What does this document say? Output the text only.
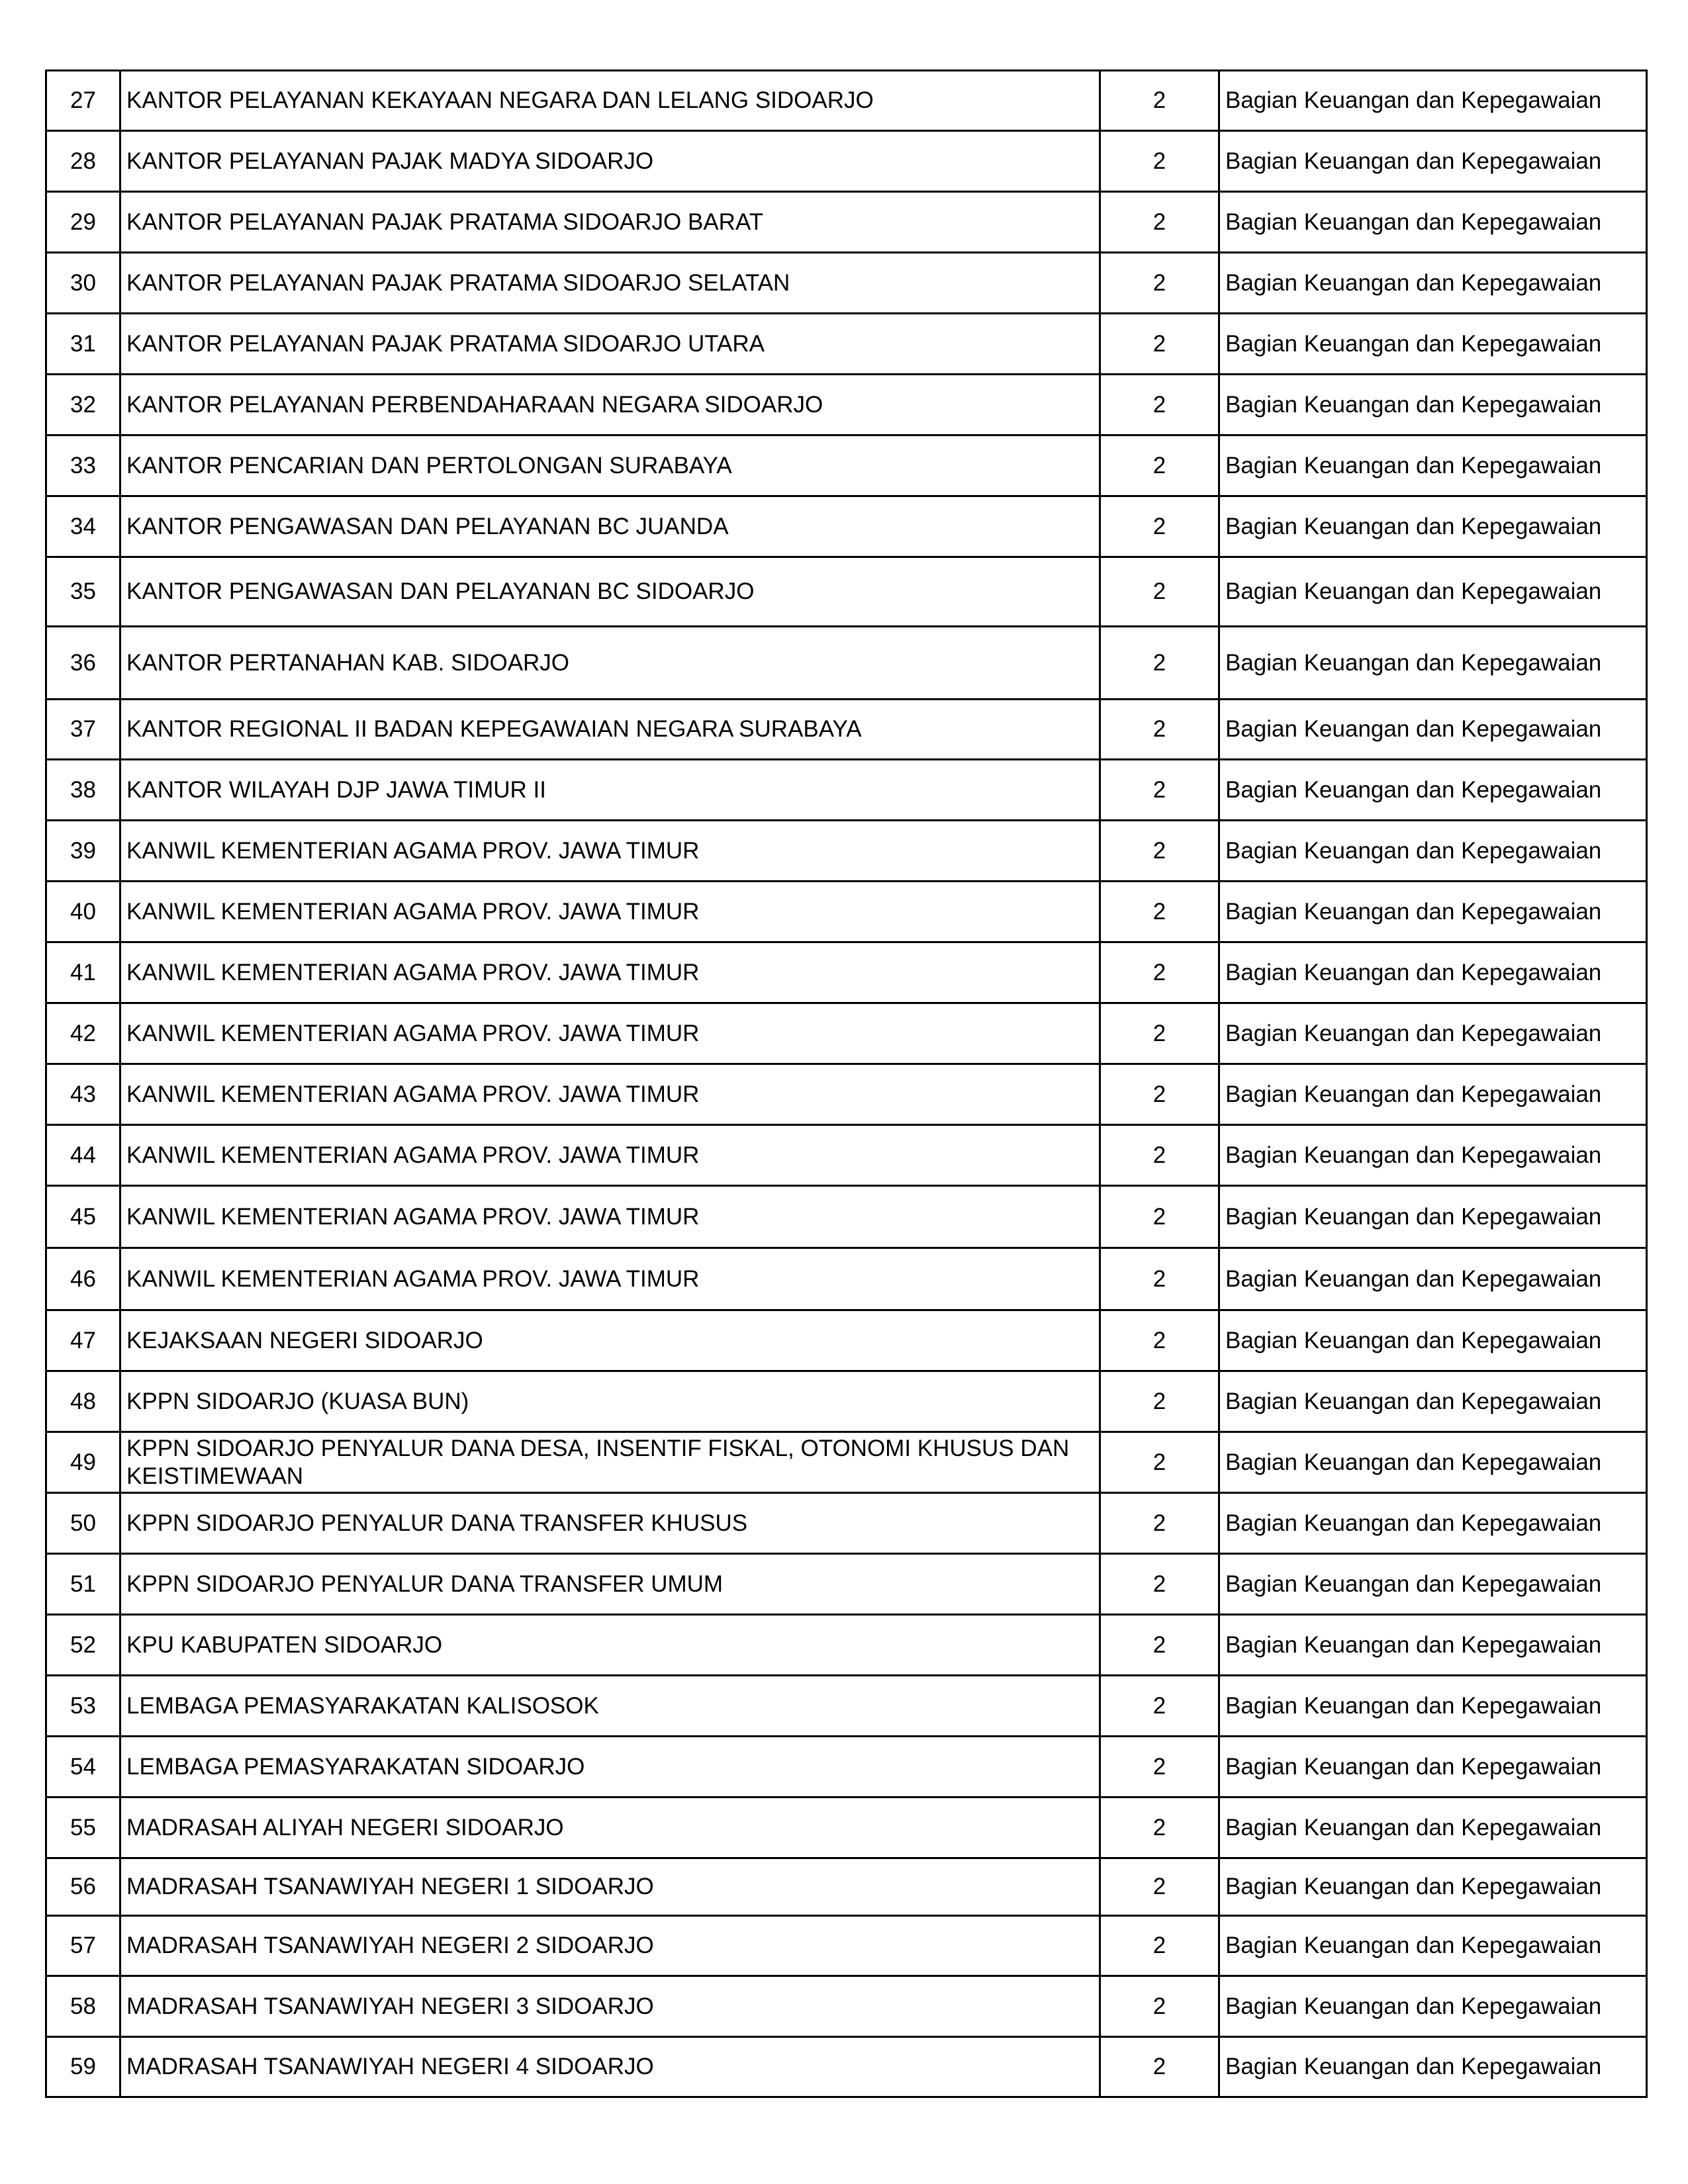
27	KANTOR PELAYANAN KEKAYAAN NEGARA DAN LELANG SIDOARJO	2	Bagian Keuangan dan Kepegawaian
28	KANTOR PELAYANAN PAJAK MADYA SIDOARJO	2	Bagian Keuangan dan Kepegawaian
29	KANTOR PELAYANAN PAJAK PRATAMA SIDOARJO BARAT	2	Bagian Keuangan dan Kepegawaian
30	KANTOR PELAYANAN PAJAK PRATAMA SIDOARJO SELATAN	2	Bagian Keuangan dan Kepegawaian
31	KANTOR PELAYANAN PAJAK PRATAMA SIDOARJO UTARA	2	Bagian Keuangan dan Kepegawaian
32	KANTOR PELAYANAN PERBENDAHARAAN NEGARA SIDOARJO	2	Bagian Keuangan dan Kepegawaian
33	KANTOR PENCARIAN DAN PERTOLONGAN SURABAYA	2	Bagian Keuangan dan Kepegawaian
34	KANTOR PENGAWASAN DAN PELAYANAN BC JUANDA	2	Bagian Keuangan dan Kepegawaian
35	KANTOR PENGAWASAN DAN PELAYANAN BC SIDOARJO	2	Bagian Keuangan dan Kepegawaian
36	KANTOR PERTANAHAN KAB. SIDOARJO	2	Bagian Keuangan dan Kepegawaian
37	KANTOR REGIONAL II BADAN KEPEGAWAIAN NEGARA SURABAYA	2	Bagian Keuangan dan Kepegawaian
38	KANTOR WILAYAH DJP JAWA TIMUR II	2	Bagian Keuangan dan Kepegawaian
39	KANWIL KEMENTERIAN AGAMA PROV. JAWA TIMUR	2	Bagian Keuangan dan Kepegawaian
40	KANWIL KEMENTERIAN AGAMA PROV. JAWA TIMUR	2	Bagian Keuangan dan Kepegawaian
41	KANWIL KEMENTERIAN AGAMA PROV. JAWA TIMUR	2	Bagian Keuangan dan Kepegawaian
42	KANWIL KEMENTERIAN AGAMA PROV. JAWA TIMUR	2	Bagian Keuangan dan Kepegawaian
43	KANWIL KEMENTERIAN AGAMA PROV. JAWA TIMUR	2	Bagian Keuangan dan Kepegawaian
44	KANWIL KEMENTERIAN AGAMA PROV. JAWA TIMUR	2	Bagian Keuangan dan Kepegawaian
45	KANWIL KEMENTERIAN AGAMA PROV. JAWA TIMUR	2	Bagian Keuangan dan Kepegawaian
46	KANWIL KEMENTERIAN AGAMA PROV. JAWA TIMUR	2	Bagian Keuangan dan Kepegawaian
47	KEJAKSAAN NEGERI SIDOARJO	2	Bagian Keuangan dan Kepegawaian
48	KPPN SIDOARJO (KUASA BUN)	2	Bagian Keuangan dan Kepegawaian
49	KPPN SIDOARJO PENYALUR DANA DESA, INSENTIF FISKAL, OTONOMI KHUSUS DAN KEISTIMEWAAN	2	Bagian Keuangan dan Kepegawaian
50	KPPN SIDOARJO PENYALUR DANA TRANSFER KHUSUS	2	Bagian Keuangan dan Kepegawaian
51	KPPN SIDOARJO PENYALUR DANA TRANSFER UMUM	2	Bagian Keuangan dan Kepegawaian
52	KPU KABUPATEN SIDOARJO	2	Bagian Keuangan dan Kepegawaian
53	LEMBAGA PEMASYARAKATAN KALISOSOK	2	Bagian Keuangan dan Kepegawaian
54	LEMBAGA PEMASYARAKATAN SIDOARJO	2	Bagian Keuangan dan Kepegawaian
55	MADRASAH ALIYAH NEGERI SIDOARJO	2	Bagian Keuangan dan Kepegawaian
56	MADRASAH TSANAWIYAH NEGERI 1 SIDOARJO	2	Bagian Keuangan dan Kepegawaian
57	MADRASAH TSANAWIYAH NEGERI 2 SIDOARJO	2	Bagian Keuangan dan Kepegawaian
58	MADRASAH TSANAWIYAH NEGERI 3 SIDOARJO	2	Bagian Keuangan dan Kepegawaian
59	MADRASAH TSANAWIYAH NEGERI 4 SIDOARJO	2	Bagian Keuangan dan Kepegawaian
